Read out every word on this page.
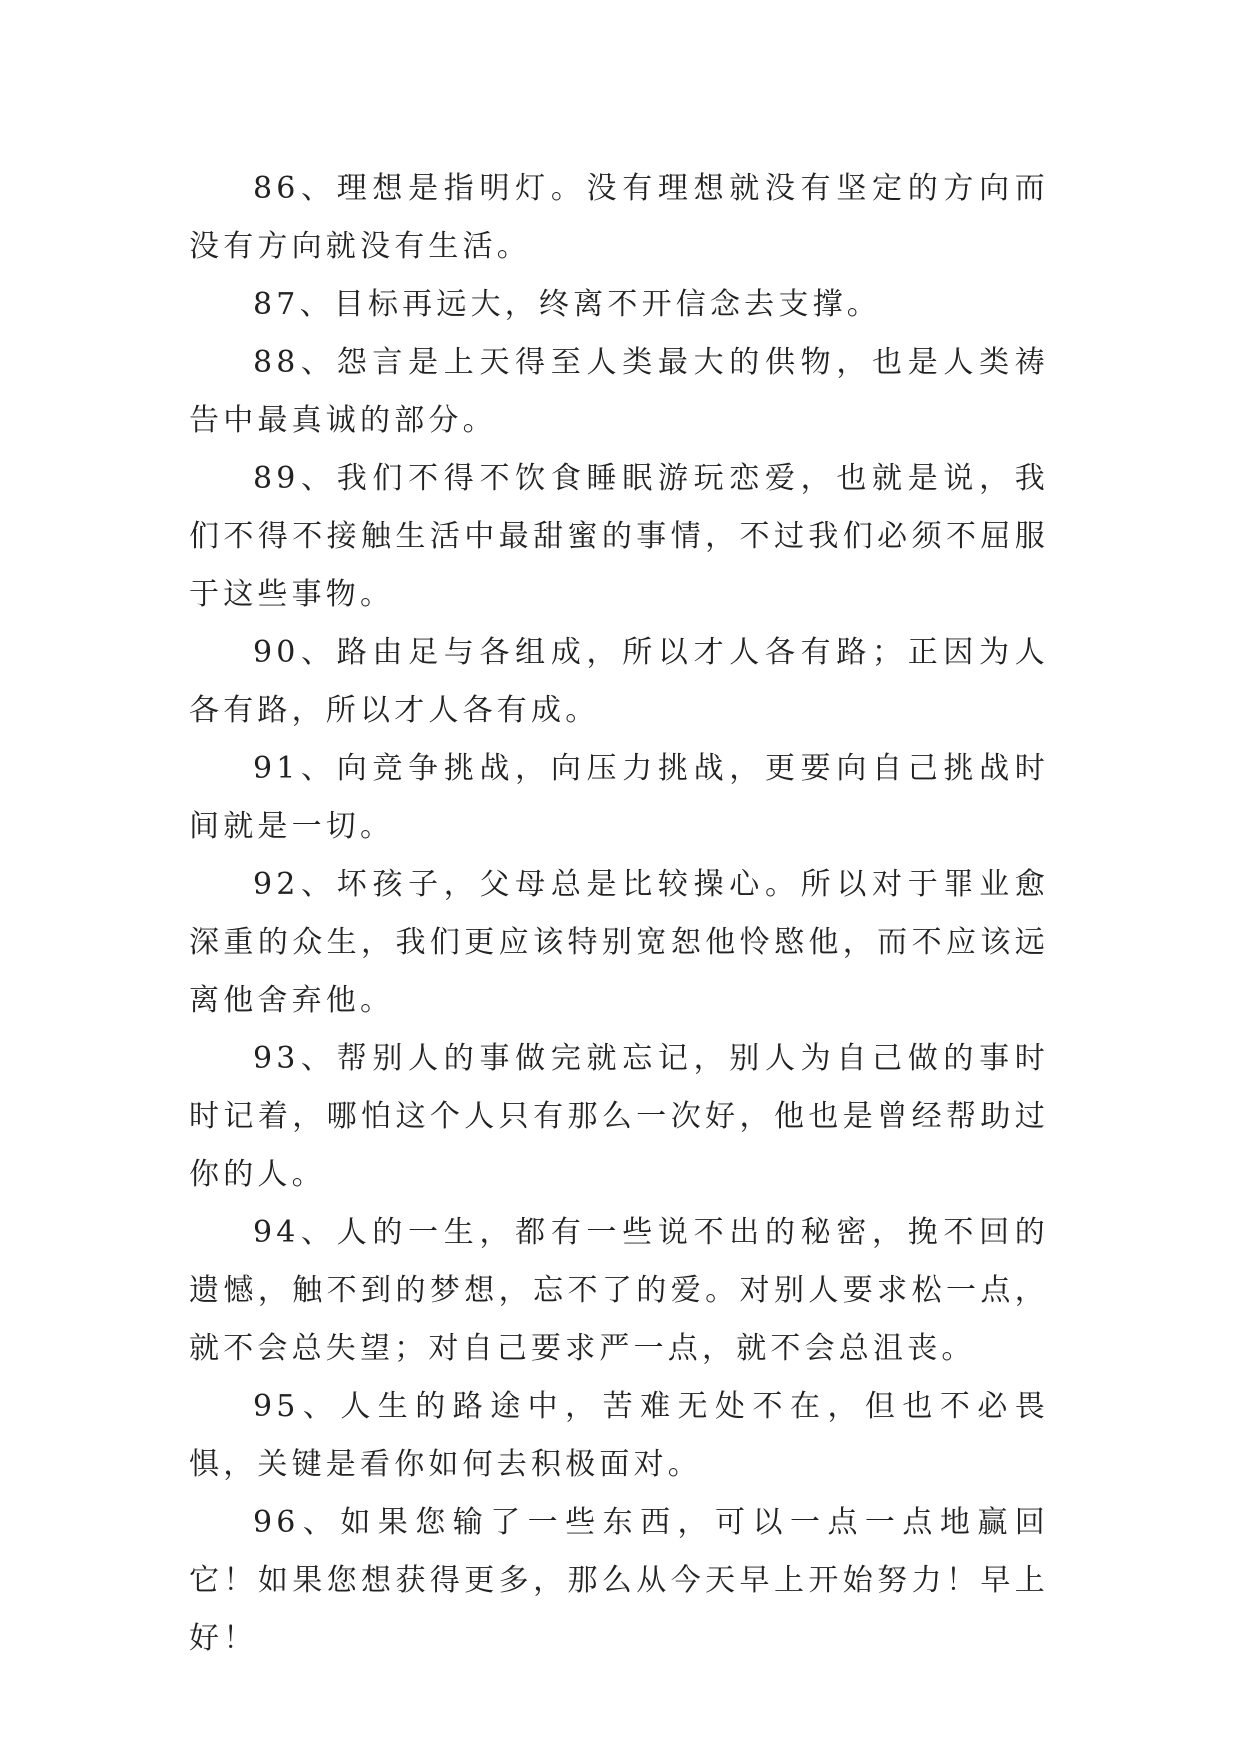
86、理想是指明灯。没有理想就没有坚定的方向而没有方向就没有生活。

87、目标再远大，终离不开信念去支撑。

88、怨言是上天得至人类最大的供物，也是人类祷告中最真诚的部分。

89、我们不得不饮食睡眠游玩恋爱，也就是说，我们不得不接触生活中最甜蜜的事情，不过我们必须不屈服于这些事物。

90、路由足与各组成，所以才人各有路；正因为人各有路，所以才人各有成。

91、向竞争挑战，向压力挑战，更要向自己挑战时间就是一切。

92、坏孩子，父母总是比较操心。所以对于罪业愈深重的众生，我们更应该特别宽恕他怜愍他，而不应该远离他舍弃他。

93、帮别人的事做完就忘记，别人为自己做的事时时记着，哪怕这个人只有那么一次好，他也是曾经帮助过你的人。

94、人的一生，都有一些说不出的秘密，挽不回的遗憾，触不到的梦想，忘不了的爱。对别人要求松一点，就不会总失望；对自己要求严一点，就不会总沮丧。

95、人生的路途中，苦难无处不在，但也不必畏惧，关键是看你如何去积极面对。

96、如果您输了一些东西，可以一点一点地赢回它！如果您想获得更多，那么从今天早上开始努力！早上好！
